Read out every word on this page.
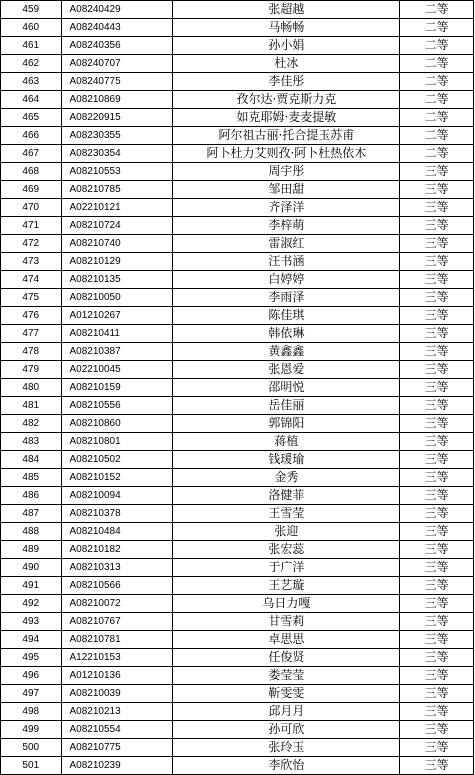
459	A08240429	张超越	二等
460	A08240443	马畅畅	二等
461	A08240356	孙小娟	二等
462	A08240707	杜冰	二等
463	A08240775	李佳彤	二等
464	A08210869	孜尔达·贾克斯力克	二等
465	A08220915	如克耶姆·麦麦提敏	二等
466	A08230355	阿尔祖古丽·托合提玉苏甫	二等
467	A08230354	阿卜杜力艾则孜·阿卜杜热依木	二等
468	A08210553	周宇彤	三等
469	A08210785	邹田甜	三等
470	A02210121	齐泽洋	三等
471	A08210724	李梓萌	三等
472	A08210740	雷淑红	三等
473	A08210129	汪书涵	三等
474	A08210135	白婷婷	三等
475	A08210050	李雨泽	三等
476	A01210267	陈佳琪	三等
477	A08210411	韩依琳	三等
478	A08210387	黄鑫鑫	三等
479	A02210045	张恩爱	三等
480	A08210159	邵明悦	三等
481	A08210556	岳佳丽	三等
482	A08210860	郭锦阳	三等
483	A08210801	蒋植	三等
484	A08210502	钱瑗瑜	三等
485	A08210152	金秀	三等
486	A08210094	洛健菲	三等
487	A08210378	王雪莹	三等
488	A08210484	张迎	三等
489	A08210182	张宏蕊	三等
490	A08210313	于广洋	三等
491	A08210566	王艺璇	三等
492	A08210072	乌日力嘎	三等
493	A08210767	甘雪莉	三等
494	A08210781	卓思思	三等
495	A12210153	任俊贤	三等
496	A01210136	娄莹莹	三等
497	A08210039	靳雯雯	三等
498	A08210213	邱月月	三等
499	A08210554	孙可欣	三等
500	A08210775	张玲玉	三等
501	A08210239	李欣怡	三等
